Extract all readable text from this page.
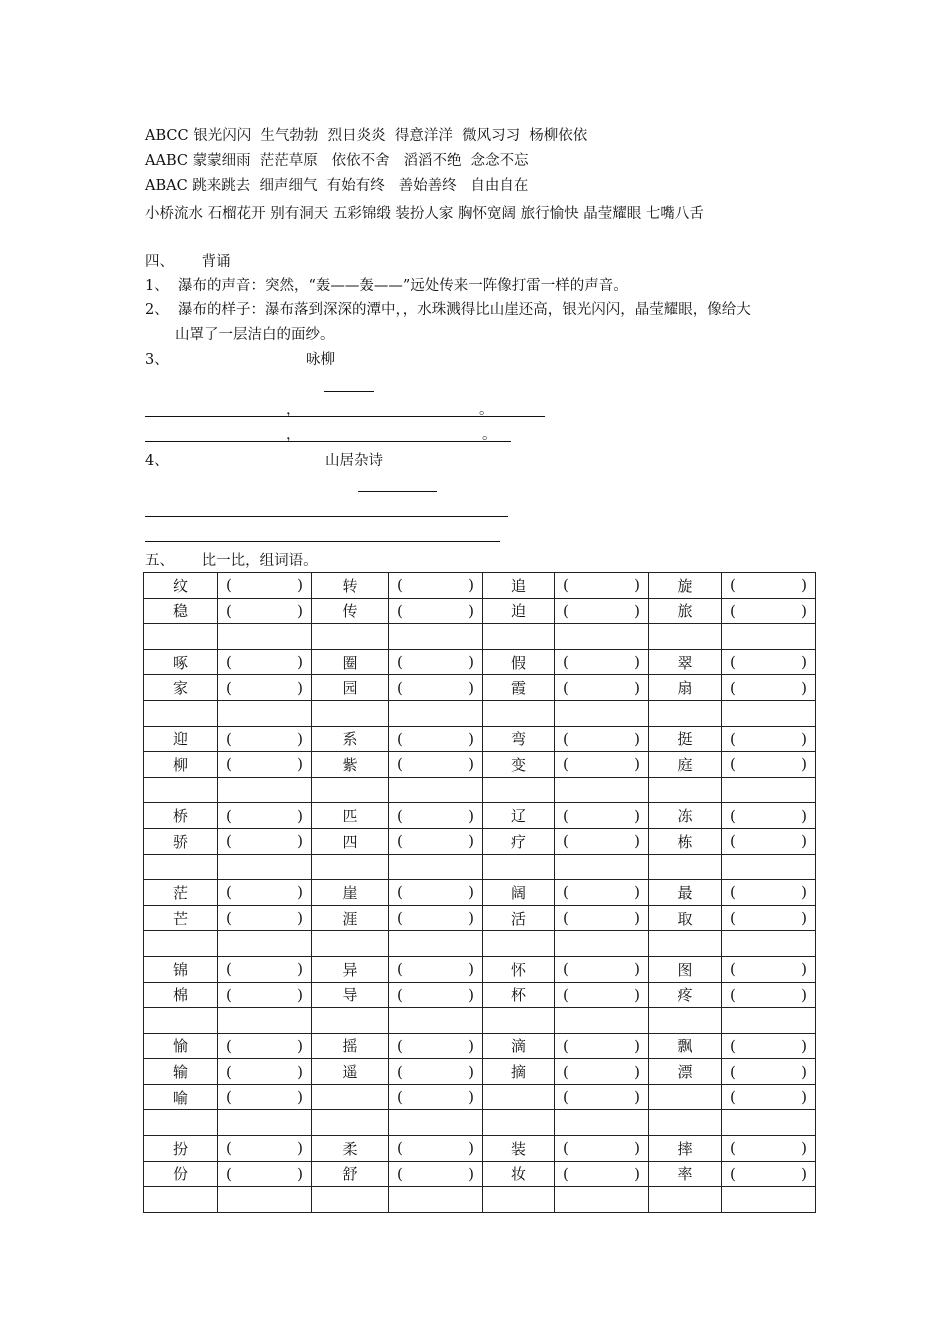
ABCC 银光闪闪  生气勃勃  烈日炎炎  得意洋洋  微风习习  杨柳依依
AABC 蒙蒙细雨  茫茫草原   依依不舍   滔滔不绝  念念不忘
ABAC 跳来跳去  细声细气  有始有终   善始善终   自由自在
小桥流水 石榴花开 别有洞天 五彩锦缎 装扮人家 胸怀宽阔 旅行愉快 晶莹耀眼 七嘴八舌
四、      背诵
1、  瀑布的声音：突然，“轰——轰——”远处传来一阵像打雷一样的声音。
2、  瀑布的样子：瀑布落到深深的潭中，，水珠溅得比山崖还高，银光闪闪，晶莹耀眼，像给大
山罩了一层洁白的面纱。
3、	咏柳
，	。
，	。
4、	山居杂诗
五、      比一比，组词语。
纹	( )	转	( )	追	( )	旋	( )

稳	( )	传	( )	迫	( )	旅	( )

啄	( )	圈	( )	假	( )	翠	( )

家	( )	园	( )	霞	( )	扇	( )

迎	( )	系	( )	弯	( )	挺	( )

柳	( )	紫	( )	变	( )	庭	( )

桥	( )	匹	( )	辽	( )	冻	( )

骄	( )	四	( )	疗	( )	栋	( )

茫	( )	崖	( )	阔	( )	最	( )

芒	( )	涯	( )	活	( )	取	( )

锦	( )	异	( )	怀	( )	图	( )

棉	( )	导	( )	杯	( )	疼	( )

愉	( )	摇	( )	滴	( )	飘	( )

输	( )	遥	( )	摘	( )	漂	( )

喻	( )		( )		( )		( )

扮	( )	柔	( )	装	( )	摔	( )

份	( )	舒	( )	妆	( )	率	( )
